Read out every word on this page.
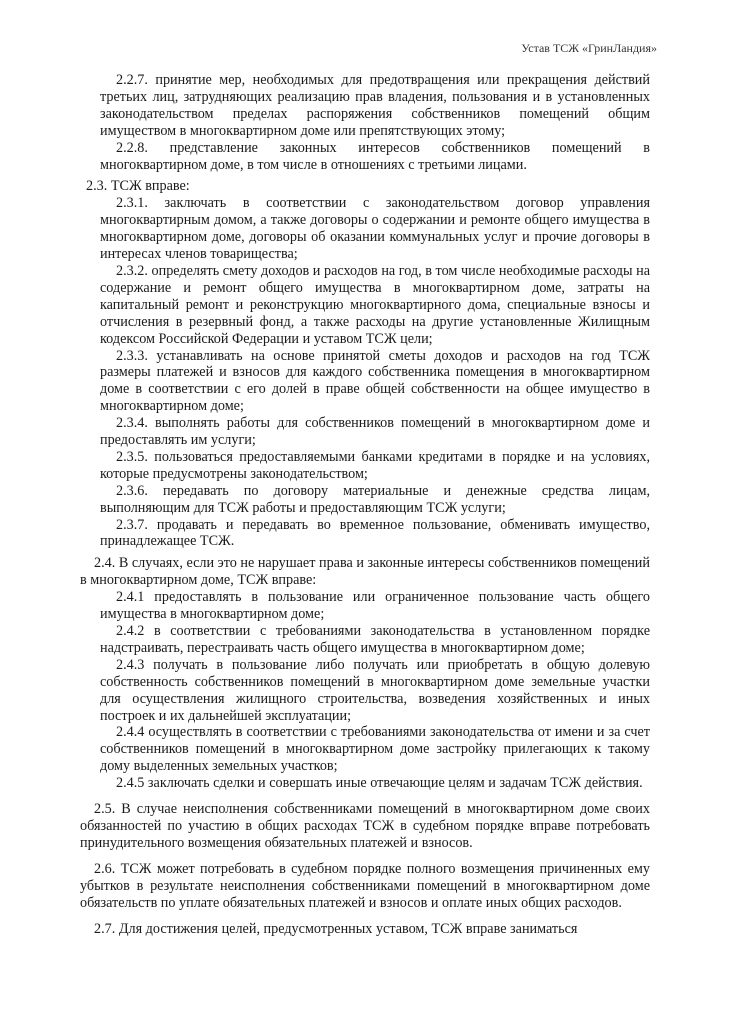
Устав ТСЖ «ГринЛандия»

2.2.7. принятие мер, необходимых для предотвращения или прекращения действий третьих лиц, затрудняющих реализацию прав владения, пользования и в установленных законодательством пределах распоряжения собственников помещений общим имуществом в многоквартирном доме или препятствующих этому;

2.2.8. представление законных интересов собственников помещений в многоквартирном доме, в том числе в отношениях с третьими лицами.

2.3. ТСЖ вправе:

2.3.1. заключать в соответствии с законодательством договор управления многоквартирным домом, а также договоры о содержании и ремонте общего имущества в многоквартирном доме, договоры об оказании коммунальных услуг и прочие договоры в интересах членов товарищества;

2.3.2. определять смету доходов и расходов на год, в том числе необходимые расходы на содержание и ремонт общего имущества в многоквартирном доме, затраты на капитальный ремонт и реконструкцию многоквартирного дома, специальные взносы и отчисления в резервный фонд, а также расходы на другие установленные Жилищным кодексом Российской Федерации и уставом ТСЖ цели;

2.3.3. устанавливать на основе принятой сметы доходов и расходов на год ТСЖ размеры платежей и взносов для каждого собственника помещения в многоквартирном доме в соответствии с его долей в праве общей собственности на общее имущество в многоквартирном доме;

2.3.4. выполнять работы для собственников помещений в многоквартирном доме и предоставлять им услуги;

2.3.5. пользоваться предоставляемыми банками кредитами в порядке и на условиях, которые предусмотрены законодательством;

2.3.6. передавать по договору материальные и денежные средства лицам, выполняющим для ТСЖ работы и предоставляющим ТСЖ услуги;

2.3.7. продавать и передавать во временное пользование, обменивать имущество, принадлежащее ТСЖ.

2.4. В случаях, если это не нарушает права и законные интересы собственников помещений в многоквартирном доме, ТСЖ вправе:

2.4.1 предоставлять в пользование или ограниченное пользование часть общего имущества в многоквартирном доме;

2.4.2 в соответствии с требованиями законодательства в установленном порядке надстраивать, перестраивать часть общего имущества в многоквартирном доме;

2.4.3 получать в пользование либо получать или приобретать в общую долевую собственность собственников помещений в многоквартирном доме земельные участки для осуществления жилищного строительства, возведения хозяйственных и иных построек и их дальнейшей эксплуатации;

2.4.4 осуществлять в соответствии с требованиями законодательства от имени и за счет собственников помещений в многоквартирном доме застройку прилегающих к такому дому выделенных земельных участков;

2.4.5 заключать сделки и совершать иные отвечающие целям и задачам ТСЖ действия.

2.5. В случае неисполнения собственниками помещений в многоквартирном доме своих обязанностей по участию в общих расходах ТСЖ в судебном порядке вправе потребовать принудительного возмещения обязательных платежей и взносов.

2.6. ТСЖ может потребовать в судебном порядке полного возмещения причиненных ему убытков в результате неисполнения собственниками помещений в многоквартирном доме обязательств по уплате обязательных платежей и взносов и оплате иных общих расходов.

2.7. Для достижения целей, предусмотренных уставом, ТСЖ вправе заниматься
